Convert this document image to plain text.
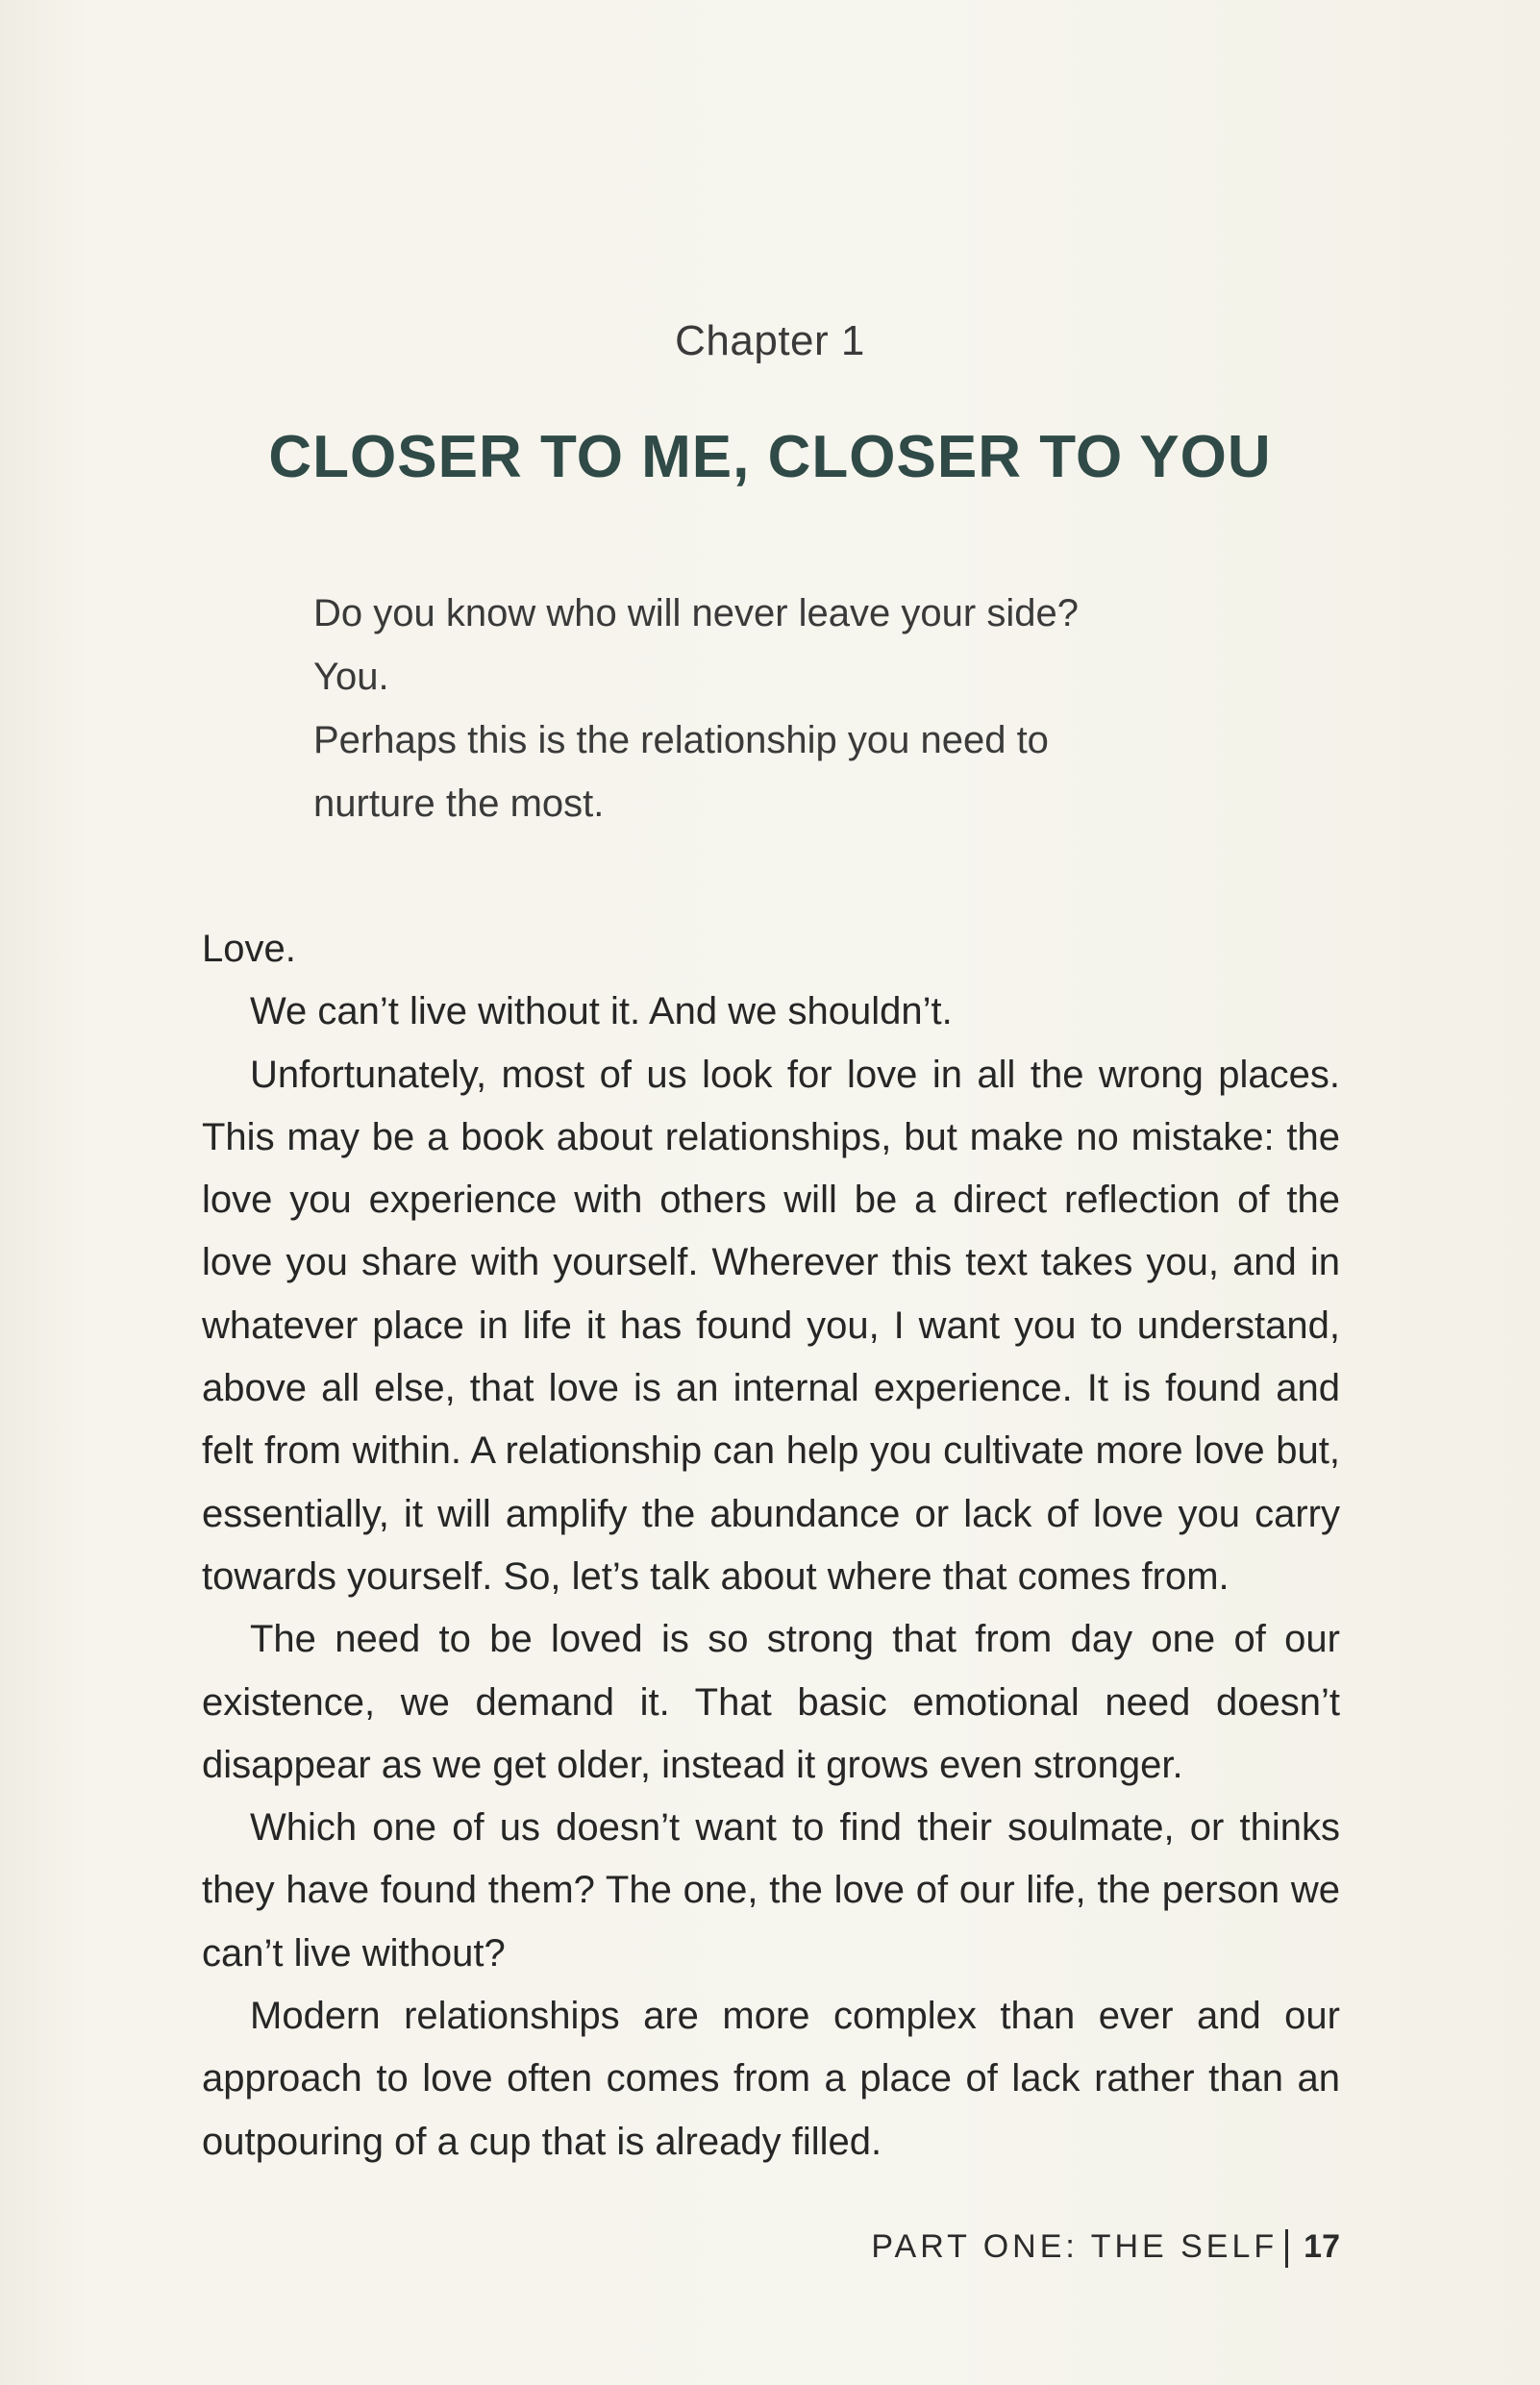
Chapter 1
CLOSER TO ME, CLOSER TO YOU
Do you know who will never leave your side?
You.
Perhaps this is the relationship you need to
nurture the most.

Love.

We can’t live without it. And we shouldn’t.

Unfortunately, most of us look for love in all the wrong places. This may be a book about relationships, but make no mistake: the love you experience with others will be a direct reflection of the love you share with yourself. Wherever this text takes you, and in whatever place in life it has found you, I want you to understand, above all else, that love is an internal experience. It is found and felt from within. A relationship can help you cultivate more love but, essentially, it will amplify the abundance or lack of love you carry towards yourself. So, let’s talk about where that comes from.

The need to be loved is so strong that from day one of our existence, we demand it. That basic emotional need doesn’t disappear as we get older, instead it grows even stronger.

Which one of us doesn’t want to find their soulmate, or thinks they have found them? The one, the love of our life, the person we can’t live without?

Modern relationships are more complex than ever and our approach to love often comes from a place of lack rather than an outpouring of a cup that is already filled.

PART ONE: THE SELF 17
